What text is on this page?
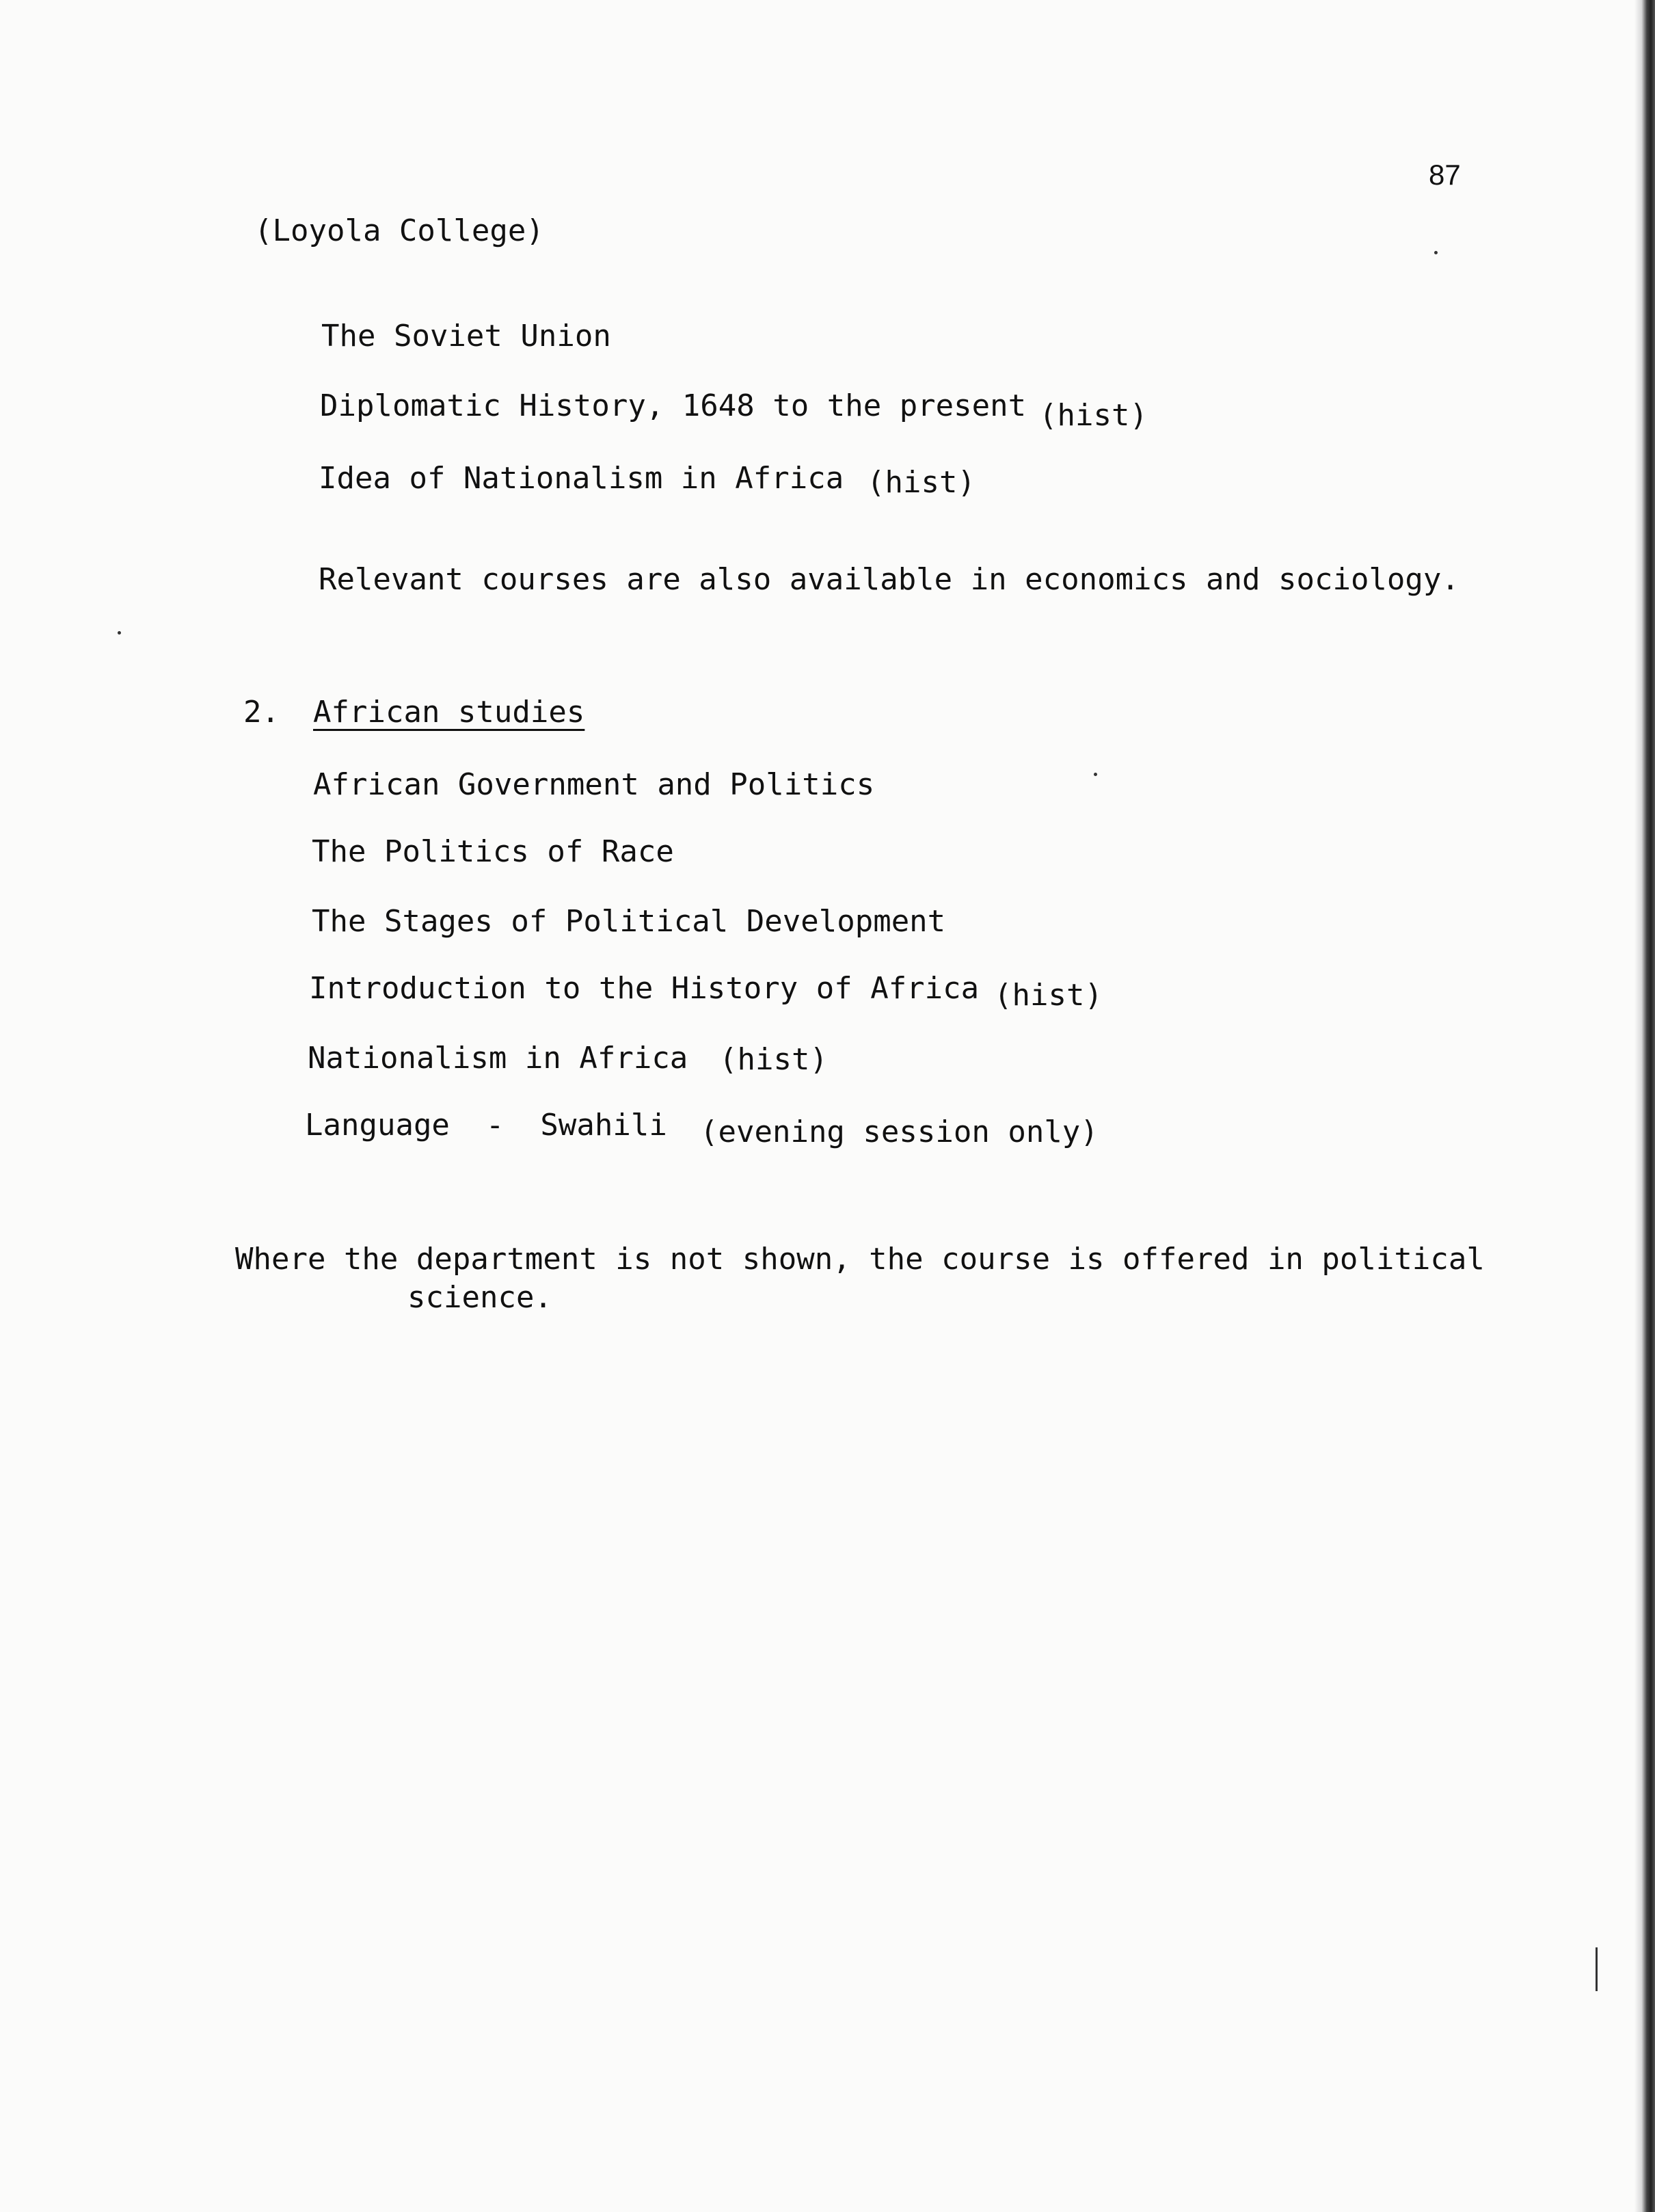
87
(Loyola College)
The Soviet Union
Diplomatic History, 1648 to the present (hist)
Idea of Nationalism in Africa (hist)
Relevant courses are also available in economics and sociology.
2. African studies
African Government and Politics
The Politics of Race
The Stages of Political Development
Introduction to the History of Africa (hist)
Nationalism in Africa (hist)
Language  -  Swahili (evening session only)
Where the department is not shown, the course is offered in political
science.
